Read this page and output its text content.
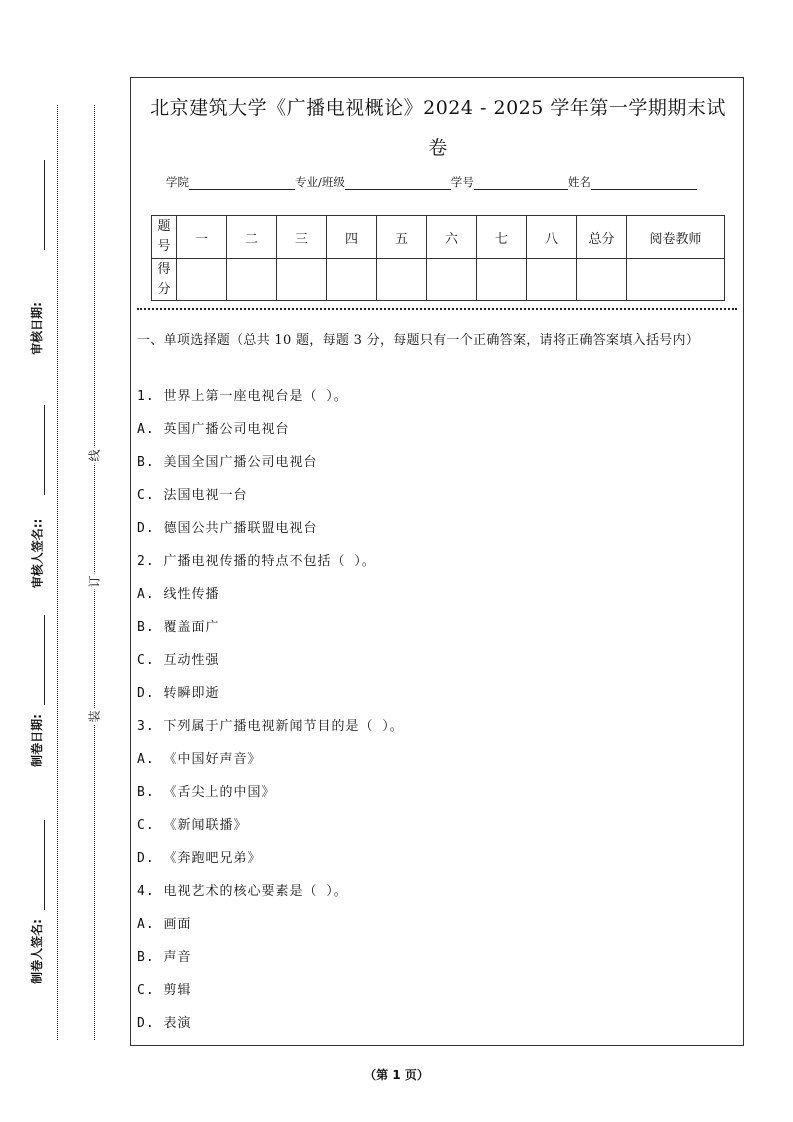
审核日期:
审核人签名::
制卷日期:
制卷人签名:
线
订
装
北京建筑大学《广播电视概论》2024 - 2025 学年第一学期期末试
卷
学院	专业/班级	学号	姓名
题号	一	二	三	四	五	六	七	八	总分	阅卷教师
得分										
一、单项选择题（总共 10 题，每题 3 分，每题只有一个正确答案，请将正确答案填入括号内）
1. 世界上第一座电视台是（ ）。
A. 英国广播公司电视台
B. 美国全国广播公司电视台
C. 法国电视一台
D. 德国公共广播联盟电视台
2. 广播电视传播的特点不包括（ ）。
A. 线性传播
B. 覆盖面广
C. 互动性强
D. 转瞬即逝
3. 下列属于广播电视新闻节目的是（ ）。
A. 《中国好声音》
B. 《舌尖上的中国》
C. 《新闻联播》
D. 《奔跑吧兄弟》
4. 电视艺术的核心要素是（ ）。
A. 画面
B. 声音
C. 剪辑
D. 表演
（第 1 页）
